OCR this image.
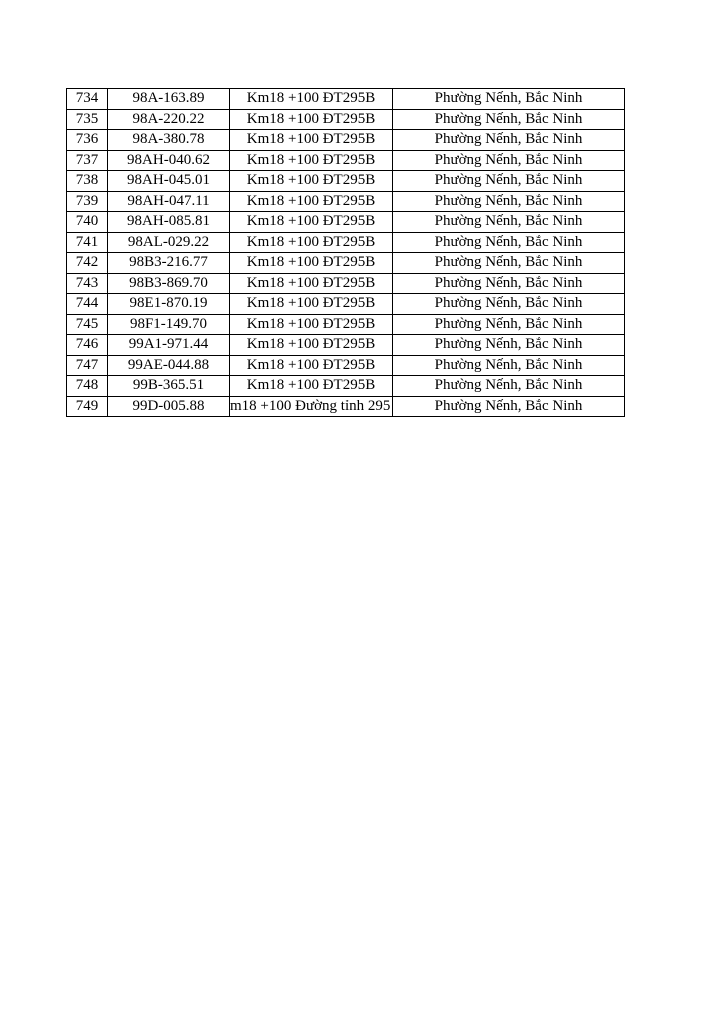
734	98A-163.89	Km18 +100 ĐT295B	Phường Nếnh, Bắc Ninh
735	98A-220.22	Km18 +100 ĐT295B	Phường Nếnh, Bắc Ninh
736	98A-380.78	Km18 +100 ĐT295B	Phường Nếnh, Bắc Ninh
737	98AH-040.62	Km18 +100 ĐT295B	Phường Nếnh, Bắc Ninh
738	98AH-045.01	Km18 +100 ĐT295B	Phường Nếnh, Bắc Ninh
739	98AH-047.11	Km18 +100 ĐT295B	Phường Nếnh, Bắc Ninh
740	98AH-085.81	Km18 +100 ĐT295B	Phường Nếnh, Bắc Ninh
741	98AL-029.22	Km18 +100 ĐT295B	Phường Nếnh, Bắc Ninh
742	98B3-216.77	Km18 +100 ĐT295B	Phường Nếnh, Bắc Ninh
743	98B3-869.70	Km18 +100 ĐT295B	Phường Nếnh, Bắc Ninh
744	98E1-870.19	Km18 +100 ĐT295B	Phường Nếnh, Bắc Ninh
745	98F1-149.70	Km18 +100 ĐT295B	Phường Nếnh, Bắc Ninh
746	99A1-971.44	Km18 +100 ĐT295B	Phường Nếnh, Bắc Ninh
747	99AE-044.88	Km18 +100 ĐT295B	Phường Nếnh, Bắc Ninh
748	99B-365.51	Km18 +100 ĐT295B	Phường Nếnh, Bắc Ninh
749	99D-005.88	m18 +100 Đường tỉnh 295	Phường Nếnh, Bắc Ninh
